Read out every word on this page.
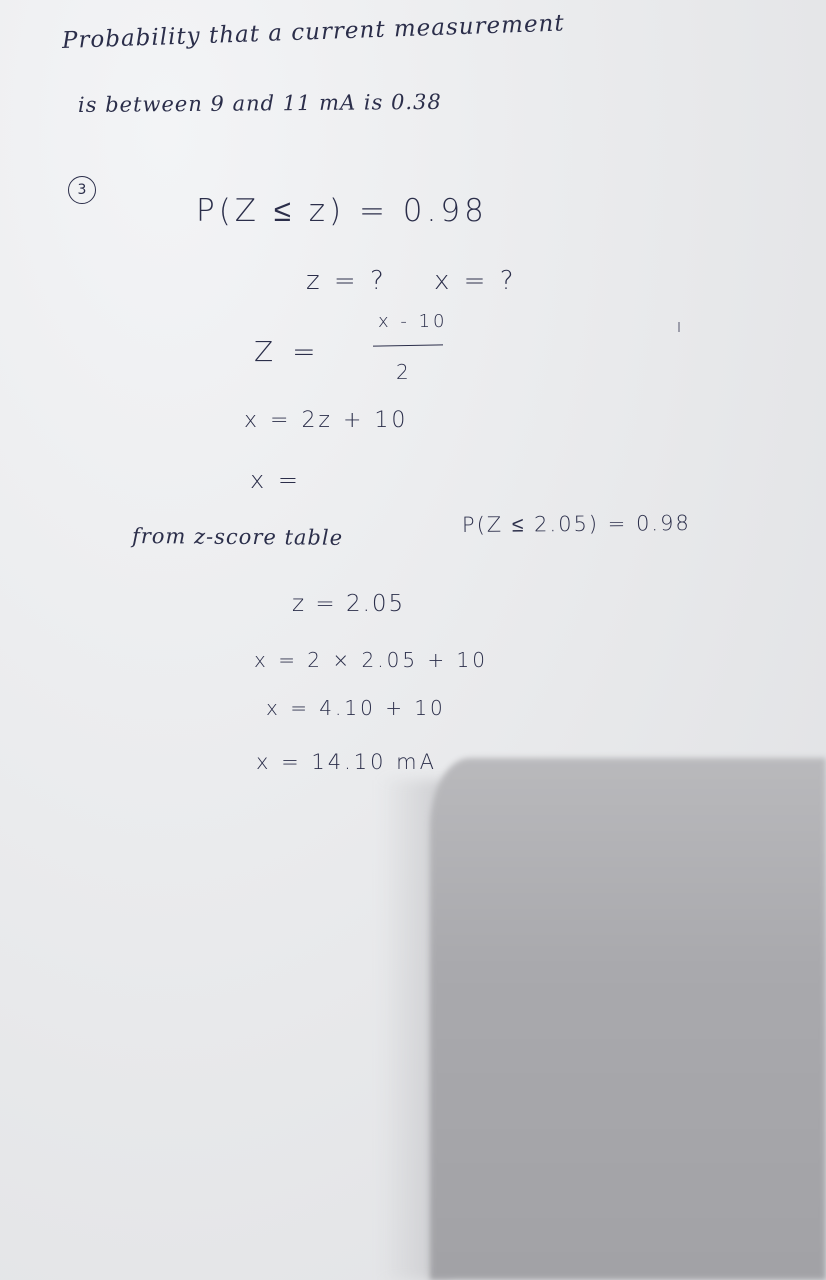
Probability that a current measurement
is between 9 and 11 mA is 0.38
3
P(Z ≤ z) = 0.98
z = ? x = ?
Z =
x - 10
2
x = 2z + 10
x =
from z-score table	P(Z ≤ 2.05) = 0.98
z = 2.05
x = 2 × 2.05 + 10
x = 4.10 + 10
x = 14.10 mA
